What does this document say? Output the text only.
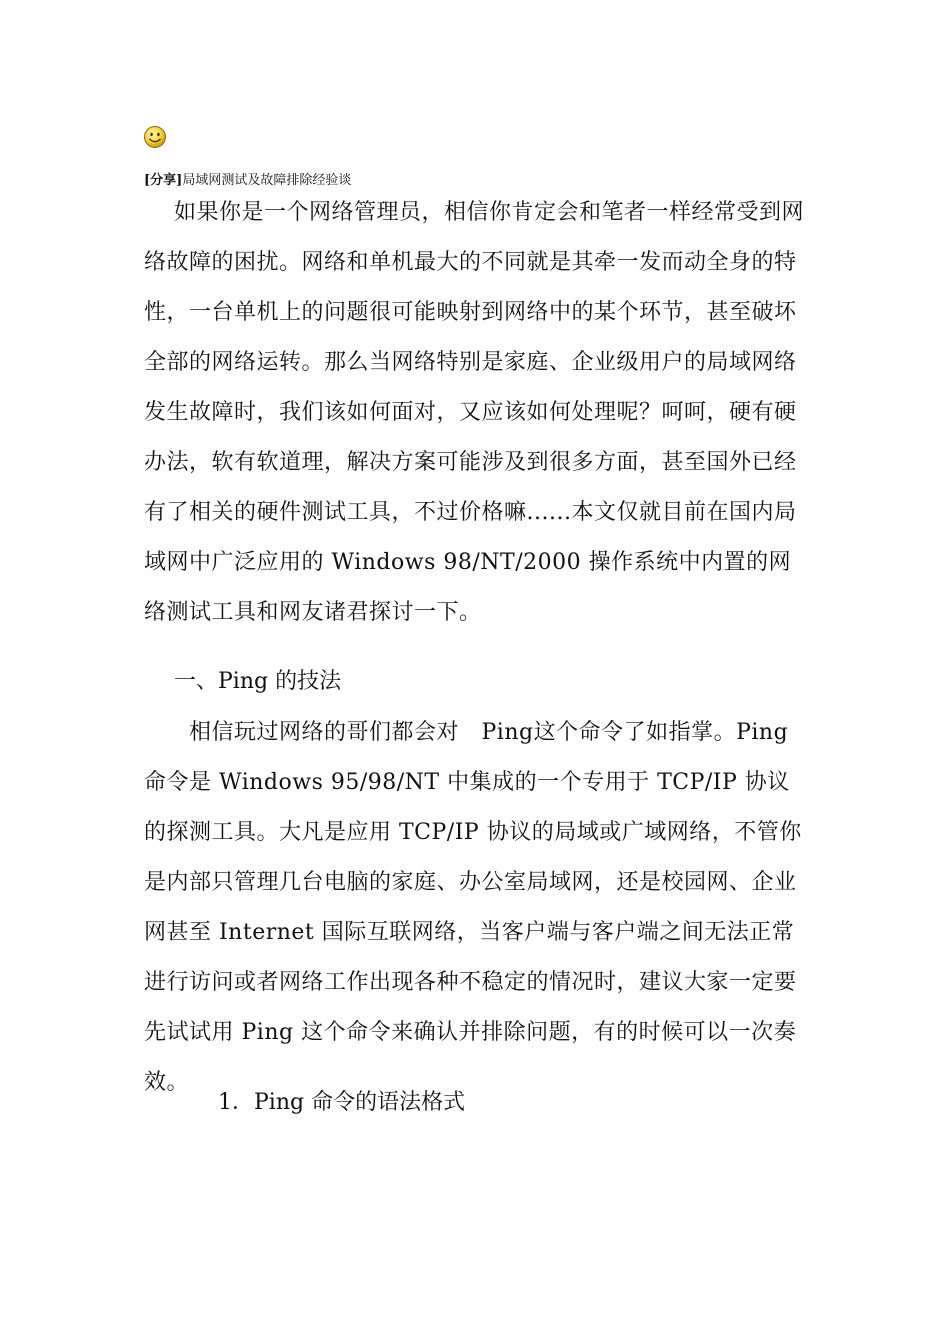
[分享]局域网测试及故障排除经验谈

如果你是一个网络管理员，相信你肯定会和笔者一样经常受到网络故障的困扰。网络和单机最大的不同就是其牵一发而动全身的特性，一台单机上的问题很可能映射到网络中的某个环节，甚至破坏全部的网络运转。那么当网络特别是家庭、企业级用户的局域网络发生故障时，我们该如何面对，又应该如何处理呢？呵呵，硬有硬办法，软有软道理，解决方案可能涉及到很多方面，甚至国外已经有了相关的硬件测试工具，不过价格嘛......本文仅就目前在国内局域网中广泛应用的 Windows 98/NT/2000 操作系统中内置的网络测试工具和网友诸君探讨一下。

一、Ping 的技法

相信玩过网络的哥们都会对　Ping这个命令了如指掌。Ping 命令是 Windows 95/98/NT 中集成的一个专用于 TCP/IP 协议的探测工具。大凡是应用 TCP/IP 协议的局域或广域网络，不管你是内部只管理几台电脑的家庭、办公室局域网，还是校园网、企业网甚至 Internet 国际互联网络，当客户端与客户端之间无法正常进行访问或者网络工作出现各种不稳定的情况时，建议大家一定要先试试用 Ping 这个命令来确认并排除问题，有的时候可以一次奏效。

1．Ping 命令的语法格式
